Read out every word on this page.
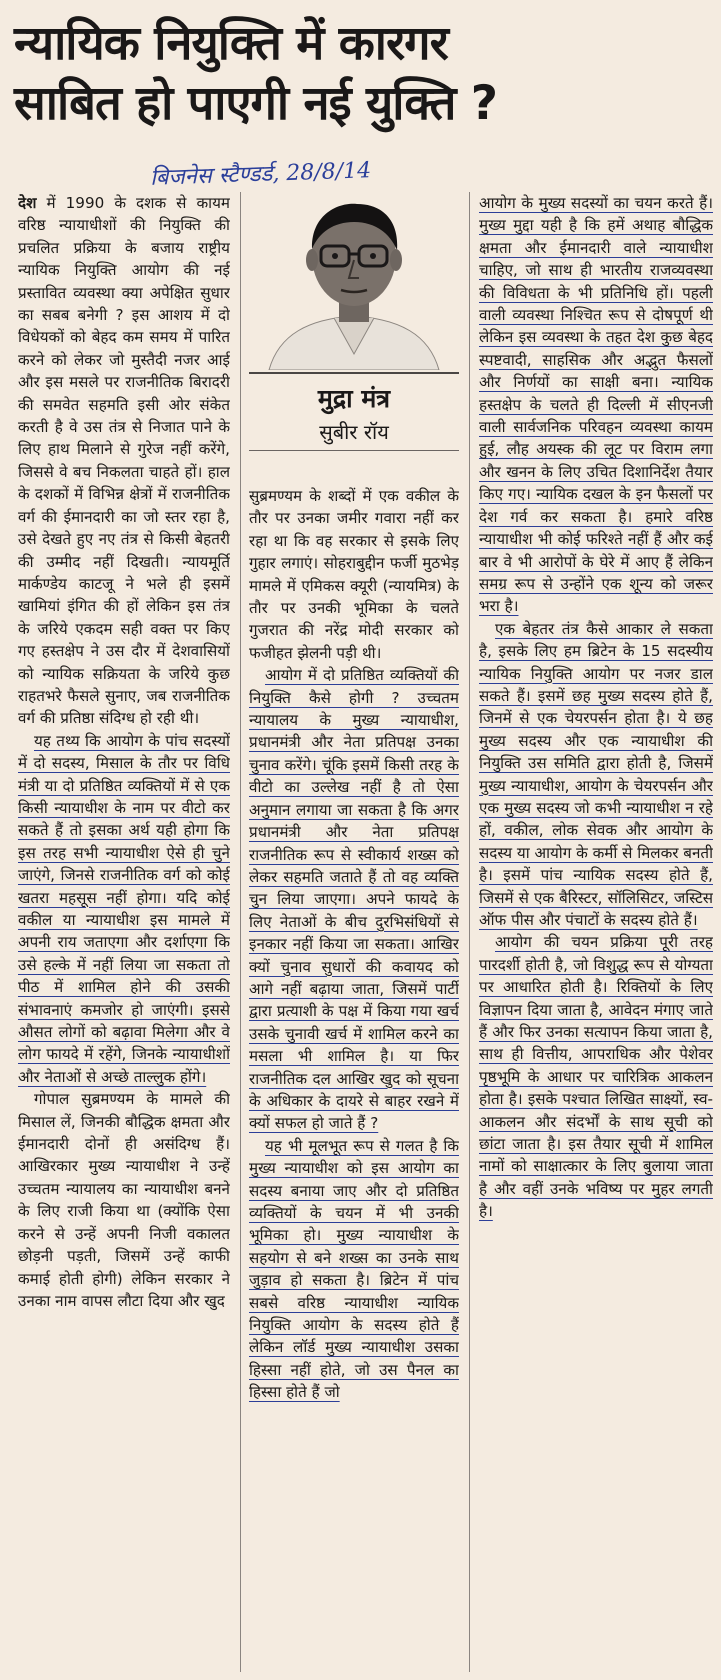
न्यायिक नियुक्ति में कारगर
साबित हो पाएगी नई युक्ति ?
बिजनेस स्टैण्डर्ड, 28/8/14

देश में 1990 के दशक से कायम वरिष्ठ न्यायाधीशों की नियुक्ति की प्रचलित प्रक्रिया के बजाय राष्ट्रीय न्यायिक नियुक्ति आयोग की नई प्रस्तावित व्यवस्था क्या अपेक्षित सुधार का सबब बनेगी ? इस आशय में दो विधेयकों को बेहद कम समय में पारित करने को लेकर जो मुस्तैदी नजर आई और इस मसले पर राजनीतिक बिरादरी की समवेत सहमति इसी ओर संकेत करती है वे उस तंत्र से निजात पाने के लिए हाथ मिलाने से गुरेज नहीं करेंगे, जिससे वे बच निकलता चाहते हों। हाल के दशकों में विभिन्न क्षेत्रों में राजनीतिक वर्ग की ईमानदारी का जो स्तर रहा है, उसे देखते हुए नए तंत्र से किसी बेहतरी की उम्मीद नहीं दिखती। न्यायमूर्ति मार्कण्डेय काटजू ने भले ही इसमें खामियां इंगित की हों लेकिन इस तंत्र के जरिये एकदम सही वक्त पर किए गए हस्तक्षेप ने उस दौर में देशवासियों को न्यायिक सक्रियता के जरिये कुछ राहतभरे फैसले सुनाए, जब राजनीतिक वर्ग की प्रतिष्ठा संदिग्ध हो रही थी।

यह तथ्य कि आयोग के पांच सदस्यों में दो सदस्य, मिसाल के तौर पर विधि मंत्री या दो प्रतिष्ठित व्यक्तियों में से एक किसी न्यायाधीश के नाम पर वीटो कर सकते हैं तो इसका अर्थ यही होगा कि इस तरह सभी न्यायाधीश ऐसे ही चुने जाएंगे, जिनसे राजनीतिक वर्ग को कोई खतरा महसूस नहीं होगा। यदि कोई वकील या न्यायाधीश इस मामले में अपनी राय जताएगा और दर्शाएगा कि उसे हल्के में नहीं लिया जा सकता तो पीठ में शामिल होने की उसकी संभावनाएं कमजोर हो जाएंगी। इससे औसत लोगों को बढ़ावा मिलेगा और वे लोग फायदे में रहेंगे, जिनके न्यायाधीशों और नेताओं से अच्छे ताल्लुक होंगे।

गोपाल सुब्रमण्यम के मामले की मिसाल लें, जिनकी बौद्धिक क्षमता और ईमानदारी दोनों ही असंदिग्ध हैं। आखिरकार मुख्य न्यायाधीश ने उन्हें उच्चतम न्यायालय का न्यायाधीश बनने के लिए राजी किया था (क्योंकि ऐसा करने से उन्हें अपनी निजी वकालत छोड़नी पड़ती, जिसमें उन्हें काफी कमाई होती होगी) लेकिन सरकार ने उनका नाम वापस लौटा दिया और खुद

मुद्रा मंत्र
सुबीर रॉय

सुब्रमण्यम के शब्दों में एक वकील के तौर पर उनका जमीर गवारा नहीं कर रहा था कि वह सरकार से इसके लिए गुहार लगाएं। सोहराबुद्दीन फर्जी मुठभेड़ मामले में एमिकस क्यूरी (न्यायमित्र) के तौर पर उनकी भूमिका के चलते गुजरात की नरेंद्र मोदी सरकार को फजीहत झेलनी पड़ी थी।

आयोग में दो प्रतिष्ठित व्यक्तियों की नियुक्ति कैसे होगी ? उच्चतम न्यायालय के मुख्य न्यायाधीश, प्रधानमंत्री और नेता प्रतिपक्ष उनका चुनाव करेंगे। चूंकि इसमें किसी तरह के वीटो का उल्लेख नहीं है तो ऐसा अनुमान लगाया जा सकता है कि अगर प्रधानमंत्री और नेता प्रतिपक्ष राजनीतिक रूप से स्वीकार्य शख्स को लेकर सहमति जताते हैं तो वह व्यक्ति चुन लिया जाएगा। अपने फायदे के लिए नेताओं के बीच दुरभिसंधियों से इनकार नहीं किया जा सकता। आखिर क्यों चुनाव सुधारों की कवायद को आगे नहीं बढ़ाया जाता, जिसमें पार्टी द्वारा प्रत्याशी के पक्ष में किया गया खर्च उसके चुनावी खर्च में शामिल करने का मसला भी शामिल है। या फिर राजनीतिक दल आखिर खुद को सूचना के अधिकार के दायरे से बाहर रखने में क्यों सफल हो जाते हैं ?

यह भी मूलभूत रूप से गलत है कि मुख्य न्यायाधीश को इस आयोग का सदस्य बनाया जाए और दो प्रतिष्ठित व्यक्तियों के चयन में भी उनकी भूमिका हो। मुख्य न्यायाधीश के सहयोग से बने शख्स का उनके साथ जुड़ाव हो सकता है। ब्रिटेन में पांच सबसे वरिष्ठ न्यायाधीश न्यायिक नियुक्ति आयोग के सदस्य होते हैं लेकिन लॉर्ड मुख्य न्यायाधीश उसका हिस्सा नहीं होते, जो उस पैनल का हिस्सा होते हैं जो

आयोग के मुख्य सदस्यों का चयन करते हैं। मुख्य मुद्दा यही है कि हमें अथाह बौद्धिक क्षमता और ईमानदारी वाले न्यायाधीश चाहिए, जो साथ ही भारतीय राजव्यवस्था की विविधता के भी प्रतिनिधि हों। पहली वाली व्यवस्था निश्चित रूप से दोषपूर्ण थी लेकिन इस व्यवस्था के तहत देश कुछ बेहद स्पष्टवादी, साहसिक और अद्भुत फैसलों और निर्णयों का साक्षी बना। न्यायिक हस्तक्षेप के चलते ही दिल्ली में सीएनजी वाली सार्वजनिक परिवहन व्यवस्था कायम हुई, लौह अयस्क की लूट पर विराम लगा और खनन के लिए उचित दिशानिर्देश तैयार किए गए। न्यायिक दखल के इन फैसलों पर देश गर्व कर सकता है। हमारे वरिष्ठ न्यायाधीश भी कोई फरिश्ते नहीं हैं और कई बार वे भी आरोपों के घेरे में आए हैं लेकिन समग्र रूप से उन्होंने एक शून्य को जरूर भरा है।

एक बेहतर तंत्र कैसे आकार ले सकता है, इसके लिए हम ब्रिटेन के 15 सदस्यीय न्यायिक नियुक्ति आयोग पर नजर डाल सकते हैं। इसमें छह मुख्य सदस्य होते हैं, जिनमें से एक चेयरपर्सन होता है। ये छह मुख्य सदस्य और एक न्यायाधीश की नियुक्ति उस समिति द्वारा होती है, जिसमें मुख्य न्यायाधीश, आयोग के चेयरपर्सन और एक मुख्य सदस्य जो कभी न्यायाधीश न रहे हों, वकील, लोक सेवक और आयोग के सदस्य या आयोग के कर्मी से मिलकर बनती है। इसमें पांच न्यायिक सदस्य होते हैं, जिसमें से एक बैरिस्टर, सॉलिसिटर, जस्टिस ऑफ पीस और पंचाटों के सदस्य होते हैं।

आयोग की चयन प्रक्रिया पूरी तरह पारदर्शी होती है, जो विशुद्ध रूप से योग्यता पर आधारित होती है। रिक्तियों के लिए विज्ञापन दिया जाता है, आवेदन मंगाए जाते हैं और फिर उनका सत्यापन किया जाता है, साथ ही वित्तीय, आपराधिक और पेशेवर पृष्ठभूमि के आधार पर चारित्रिक आकलन होता है। इसके पश्चात लिखित साक्ष्यों, स्व-आकलन और संदर्भों के साथ सूची को छांटा जाता है। इस तैयार सूची में शामिल नामों को साक्षात्कार के लिए बुलाया जाता है और वहीं उनके भविष्य पर मुहर लगती है।
